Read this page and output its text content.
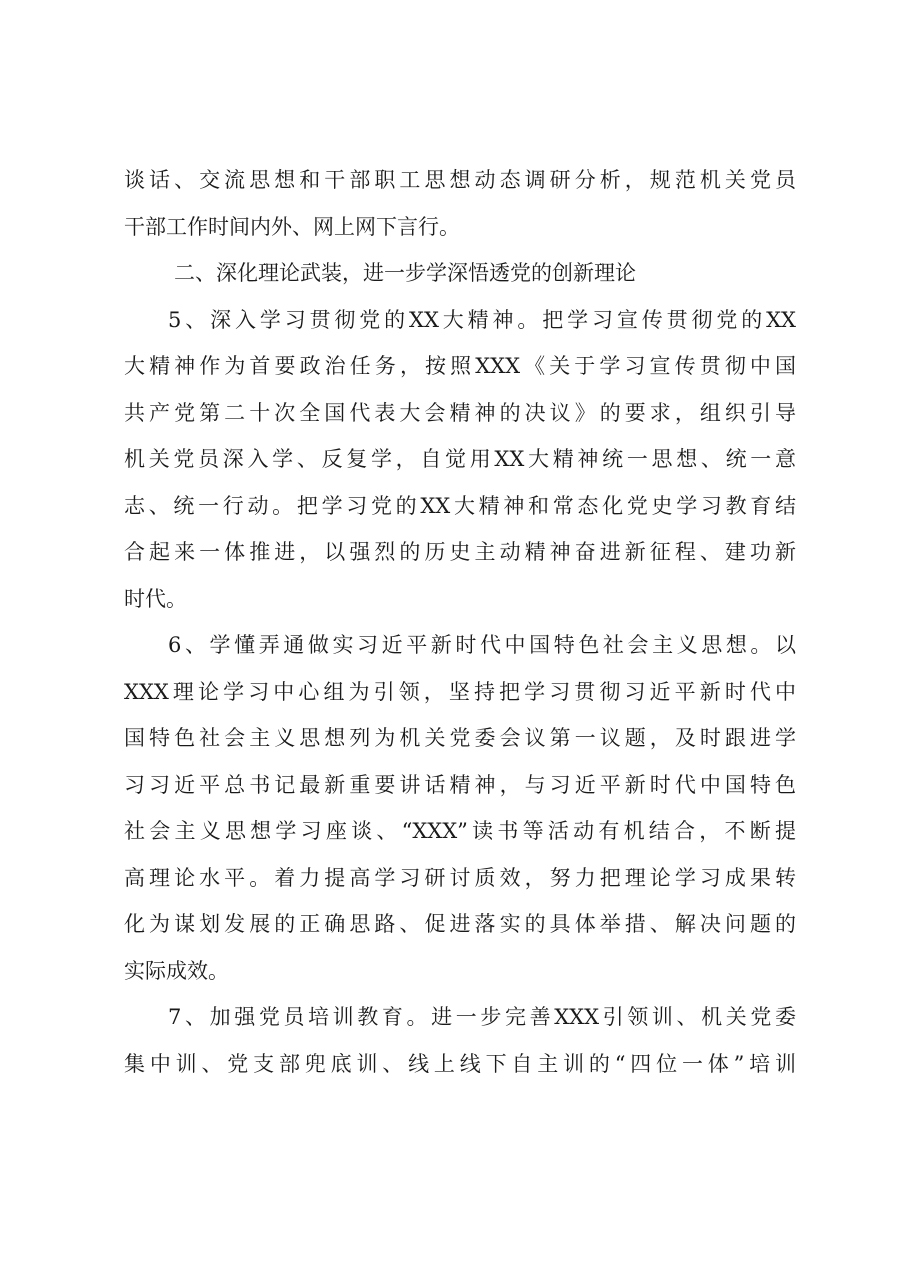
谈话、交流思想和干部职工思想动态调研分析，规范机关党员
干部工作时间内外、网上网下言行。
二、深化理论武装，进一步学深悟透党的创新理论
5、深入学习贯彻党的XX大精神。把学习宣传贯彻党的XX
大精神作为首要政治任务，按照XXX《关于学习宣传贯彻中国
共产党第二十次全国代表大会精神的决议》的要求，组织引导
机关党员深入学、反复学，自觉用XX大精神统一思想、统一意
志、统一行动。把学习党的XX大精神和常态化党史学习教育结
合起来一体推进，以强烈的历史主动精神奋进新征程、建功新
时代。
6、学懂弄通做实习近平新时代中国特色社会主义思想。以
XXX理论学习中心组为引领，坚持把学习贯彻习近平新时代中
国特色社会主义思想列为机关党委会议第一议题，及时跟进学
习习近平总书记最新重要讲话精神，与习近平新时代中国特色
社会主义思想学习座谈、“XXX”读书等活动有机结合，不断提
高理论水平。着力提高学习研讨质效，努力把理论学习成果转
化为谋划发展的正确思路、促进落实的具体举措、解决问题的
实际成效。
7、加强党员培训教育。进一步完善XXX引领训、机关党委
集中训、党支部兜底训、线上线下自主训的“四位一体”培训
